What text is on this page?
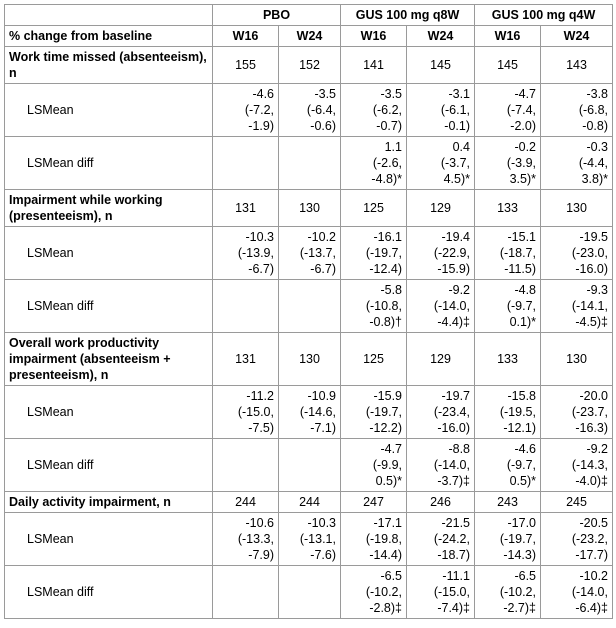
	PBO		GUS 100 mg q8W		GUS 100 mg q4W	
% change from baseline	W16	W24	W16	W24	W16	W24
Work time missed (absenteeism), n	155	152	141	145	145	143
LSMean	-4.6
(-7.2,
-1.9)	-3.5
(-6.4,
-0.6)	-3.5
(-6.2,
-0.7)	-3.1
(-6.1,
-0.1)	-4.7
(-7.4,
-2.0)	-3.8
(-6.8,
-0.8)

LSMean diff			1.1
(-2.6,
-4.8)*	0.4
(-3.7,
4.5)*	-0.2
(-3.9,
3.5)*	-0.3
(-4.4,
3.8)*

Impairment while working (presenteeism), n	131	130	125	129	133	130
LSMean	-10.3
(-13.9,
-6.7)	-10.2
(-13.7,
-6.7)	-16.1
(-19.7,
-12.4)	-19.4
(-22.9,
-15.9)	-15.1
(-18.7,
-11.5)	-19.5
(-23.0,
-16.0)

LSMean diff			-5.8
(-10.8,
-0.8)†	-9.2
(-14.0,
-4.4)‡	-4.8
(-9.7,
0.1)*	-9.3
(-14.1,
-4.5)‡

Overall work productivity impairment (absenteeism + presenteeism), n	131	130	125	129	133	130
LSMean	-11.2
(-15.0,
-7.5)	-10.9
(-14.6,
-7.1)	-15.9
(-19.7,
-12.2)	-19.7
(-23.4,
-16.0)	-15.8
(-19.5,
-12.1)	-20.0
(-23.7,
-16.3)

LSMean diff			-4.7
(-9.9,
0.5)*	-8.8
(-14.0,
-3.7)‡	-4.6
(-9.7,
0.5)*	-9.2
(-14.3,
-4.0)‡

Daily activity impairment, n	244	244	247	246	243	245
LSMean	-10.6
(-13.3,
-7.9)	-10.3
(-13.1,
-7.6)	-17.1
(-19.8,
-14.4)	-21.5
(-24.2,
-18.7)	-17.0
(-19.7,
-14.3)	-20.5
(-23.2,
-17.7)

LSMean diff			-6.5
(-10.2,
-2.8)‡	-11.1
(-15.0,
-7.4)‡	-6.5
(-10.2,
-2.7)‡	-10.2
(-14.0,
-6.4)‡
